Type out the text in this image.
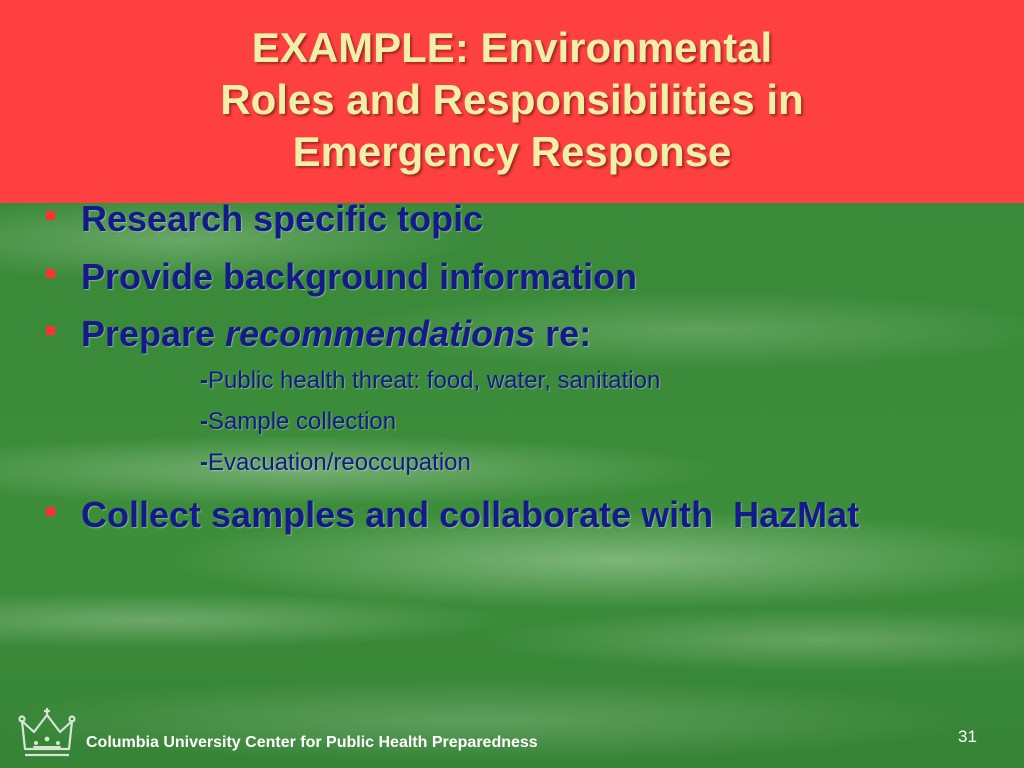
EXAMPLE: Environmental
Roles and Responsibilities in
Emergency Response
Research specific topic
Provide background information
Prepare recommendations re:
-Public health threat: food, water, sanitation
-Sample collection
-Evacuation/reoccupation
Collect samples and collaborate with  HazMat
Columbia University Center for Public Health Preparedness	31
